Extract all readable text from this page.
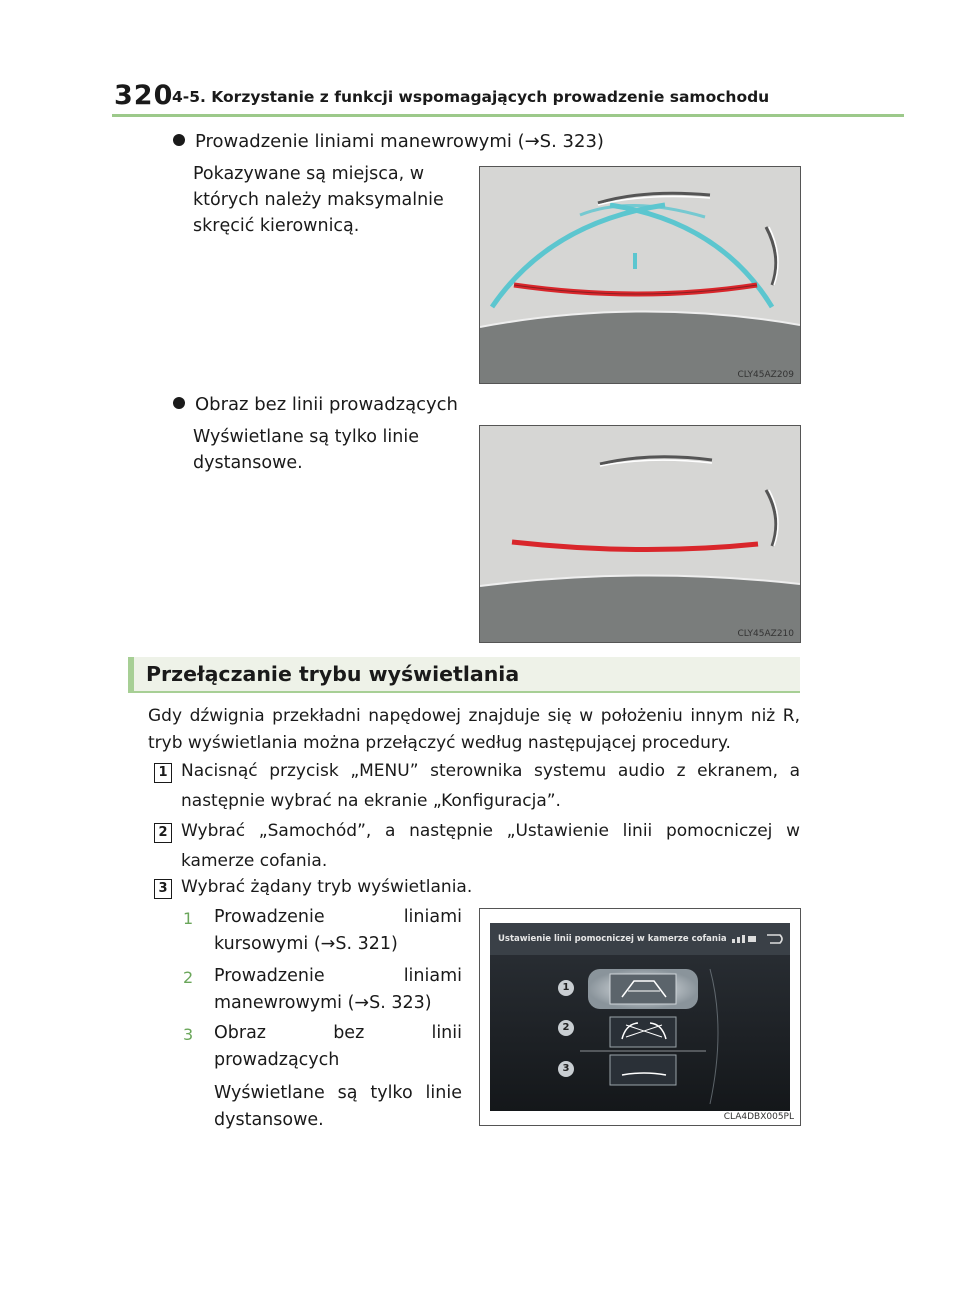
320
4-5. Korzystanie z funkcji wspomagających prowadzenie samochodu
Prowadzenie liniami manewrowymi (→S. 323)
Pokazywane są miejsca, w których należy maksymalnie skręcić kierownicą.
CLY45AZ209
Obraz bez linii prowadzących
Wyświetlane są tylko linie dystansowe.
CLY45AZ210
Przełączanie trybu wyświetlania
Gdy dźwignia przekładni napędowej znajduje się w położeniu innym niż R, tryb wyświetlania można przełączyć według następującej procedury.
1 Nacisnąć przycisk „MENU” sterownika systemu audio z ekranem, a następnie wybrać na ekranie „Konfiguracja”.
2 Wybrać „Samochód”, a następnie „Ustawienie linii pomocniczej w kamerze cofania.
3 Wybrać żądany tryb wyświetlania.
1 Prowadzenie liniami kursowymi (→S. 321)
2 Prowadzenie liniami manewrowymi (→S. 323)
3 Obraz bez linii prowadzących
Wyświetlane są tylko linie dystansowe.
Ustawienie linii pomocniczej w kamerze cofania
1
2
3
CLA4DBX005PL
